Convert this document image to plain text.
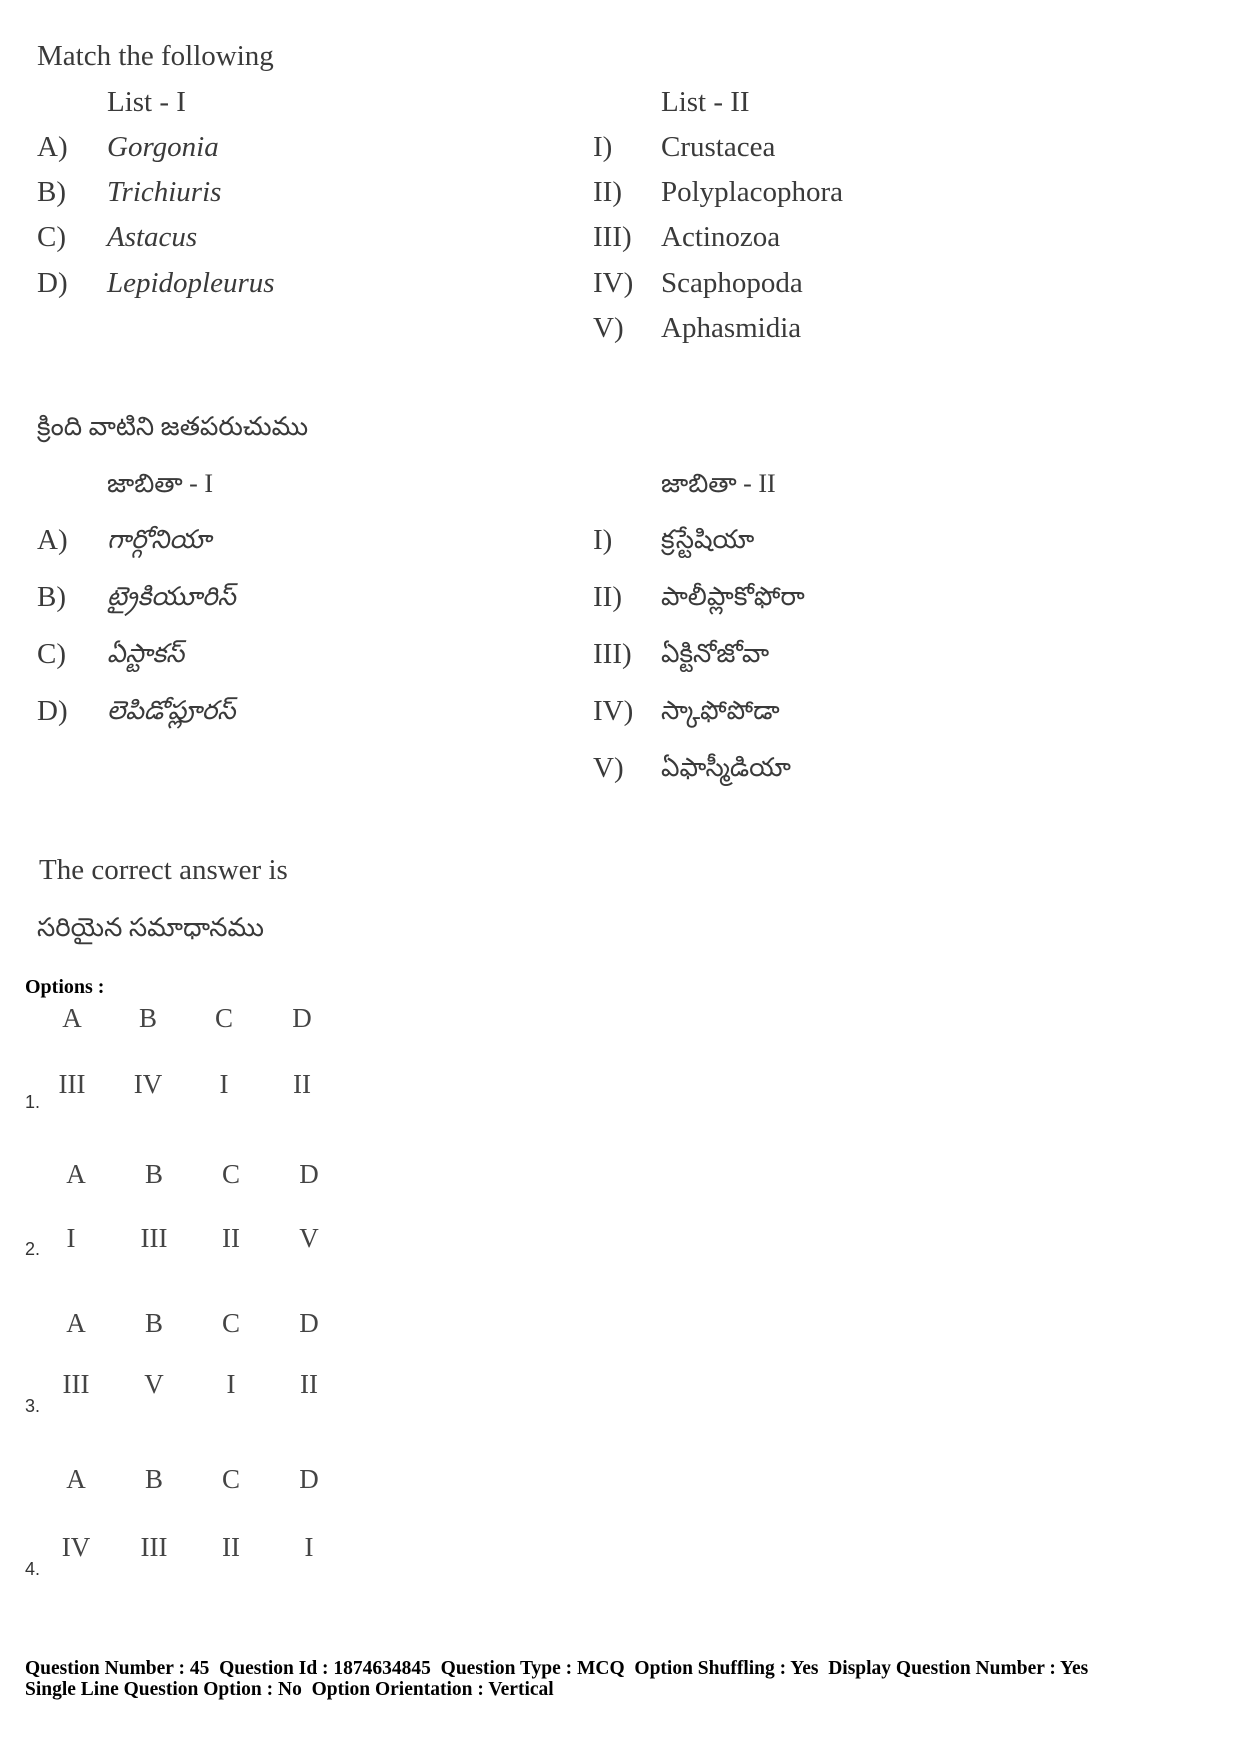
Match the following
List - I	List - II
A) Gorgonia
B) Trichiuris
C) Astacus
D) Lepidopleurus
I) Crustacea
II) Polyplacophora
III) Actinozoa
IV) Scaphopoda
V) Aphasmidia
క్రింది వాటిని జతపరుచుము
జాబితా - I	జాబితా - II
A) గార్గోనియా
B) ట్రైకియూరిస్
C) ఏస్టాకస్
D) లెపిడోప్లూరస్
I) క్రస్టేషియా
II) పాలీప్లాకోఫోరా
III) ఏక్టినోజోవా
IV) స్కాఫోపోడా
V) ఏఫాస్మీడియా
The correct answer is
సరియైన సమాధానము
Options :
A	B	C	D
III	IV	I	II
1.
A	B	C	D
I	III	II	V
2.
A	B	C	D
III	V	I	II
3.
A	B	C	D
IV	III	II	I
4.
Question Number : 45  Question Id : 1874634845  Question Type : MCQ  Option Shuffling : Yes  Display Question Number : Yes
Single Line Question Option : No  Option Orientation : Vertical
